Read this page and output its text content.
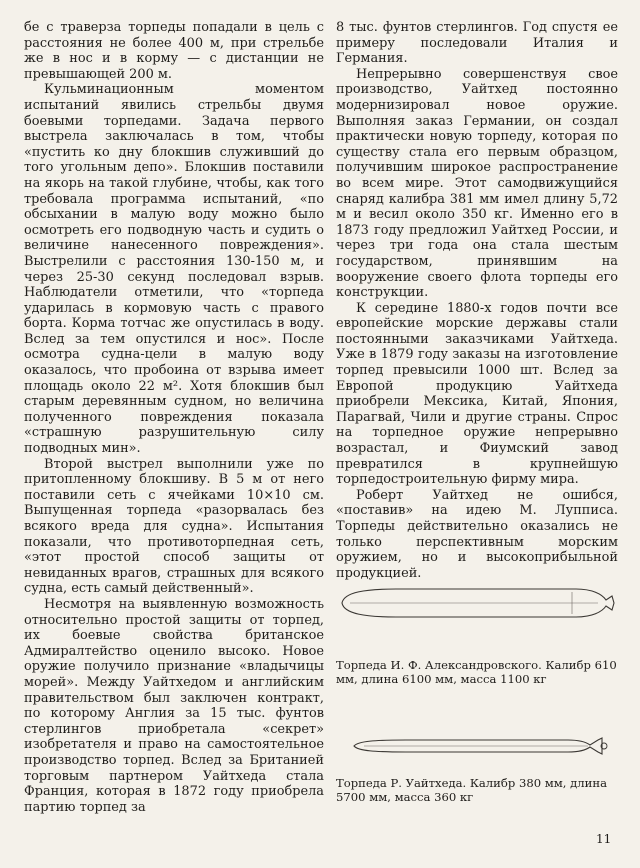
бе с траверза торпеды попадали в цель с расстояния не более 400 м, при стрельбе же в нос и в корму — с дистанции не превышающей 200 м.

Кульминационным моментом испытаний явились стрельбы двумя боевыми торпедами. Задача первого выстрела заключалась в том, чтобы «пустить ко дну блокшив служивший до того угольным депо». Блокшив поставили на якорь на такой глубине, чтобы, как того требовала программа испытаний, «по обсыхании в малую воду можно было осмотреть его подводную часть и судить о величине нанесенного повреждения». Выстрелили с расстояния 130-150 м, и через 25-30 секунд последовал взрыв. Наблюдатели отметили, что «торпеда ударилась в кормовую часть с правого борта. Корма тотчас же опустилась в воду. Вслед за тем опустился и нос». После осмотра судна-цели в малую воду оказалось, что пробоина от взрыва имеет площадь около 22 м². Хотя блокшив был старым деревянным судном, но величина полученного повреждения показала «страшную разрушительную силу подводных мин».

Второй выстрел выполнили уже по притопленному блокшиву. В 5 м от него поставили сеть с ячейками 10×10 см. Выпущенная торпеда «разорвалась без всякого вреда для судна». Испытания показали, что противоторпедная сеть, «этот простой способ защиты от невиданных врагов, страшных для всякого судна, есть самый действенный».

Несмотря на выявленную возможность относительно простой защиты от торпед, их боевые свойства британское Адмиралтейство оценило высоко. Новое оружие получило признание «владычицы морей». Между Уайтхедом и английским правительством был заключен контракт, по которому Англия за 15 тыс. фунтов стерлингов приобретала «секрет» изобретателя и право на самостоятельное производство торпед. Вслед за Британией торговым партнером Уайтхеда стала Франция, которая в 1872 году приобрела партию торпед за

8 тыс. фунтов стерлингов. Год спустя ее примеру последовали Италия и Германия.

Непрерывно совершенствуя свое производство, Уайтхед постоянно модернизировал новое оружие. Выполняя заказ Германии, он создал практически новую торпеду, которая по существу стала его первым образцом, получившим широкое распространение во всем мире. Этот самодвижущийся снаряд калибра 381 мм имел длину 5,72 м и весил около 350 кг. Именно его в 1873 году предложил Уайтхед России, и через три года она стала шестым государством, принявшим на вооружение своего флота торпеды его конструкции.

К середине 1880-х годов почти все европейские морские державы стали постоянными заказчиками Уайтхеда. Уже в 1879 году заказы на изготовление торпед превысили 1000 шт. Вслед за Европой продукцию Уайтхеда приобрели Мексика, Китай, Япония, Парагвай, Чили и другие страны. Спрос на торпедное оружие непрерывно возрастал, и Фиумский завод превратился в крупнейшую торпедостроительную фирму мира.

Роберт Уайтхед не ошибся, «поставив» на идею М. Лупписа. Торпеды действительно оказались не только перспективным морским оружием, но и высокоприбыльной продукцией.

Торпеда И. Ф. Александровского. Калибр 610 мм, длина 6100 мм, масса 1100 кг
Торпеда Р. Уайтхеда. Калибр 380 мм, длина 5700 мм, масса 360 кг
11
